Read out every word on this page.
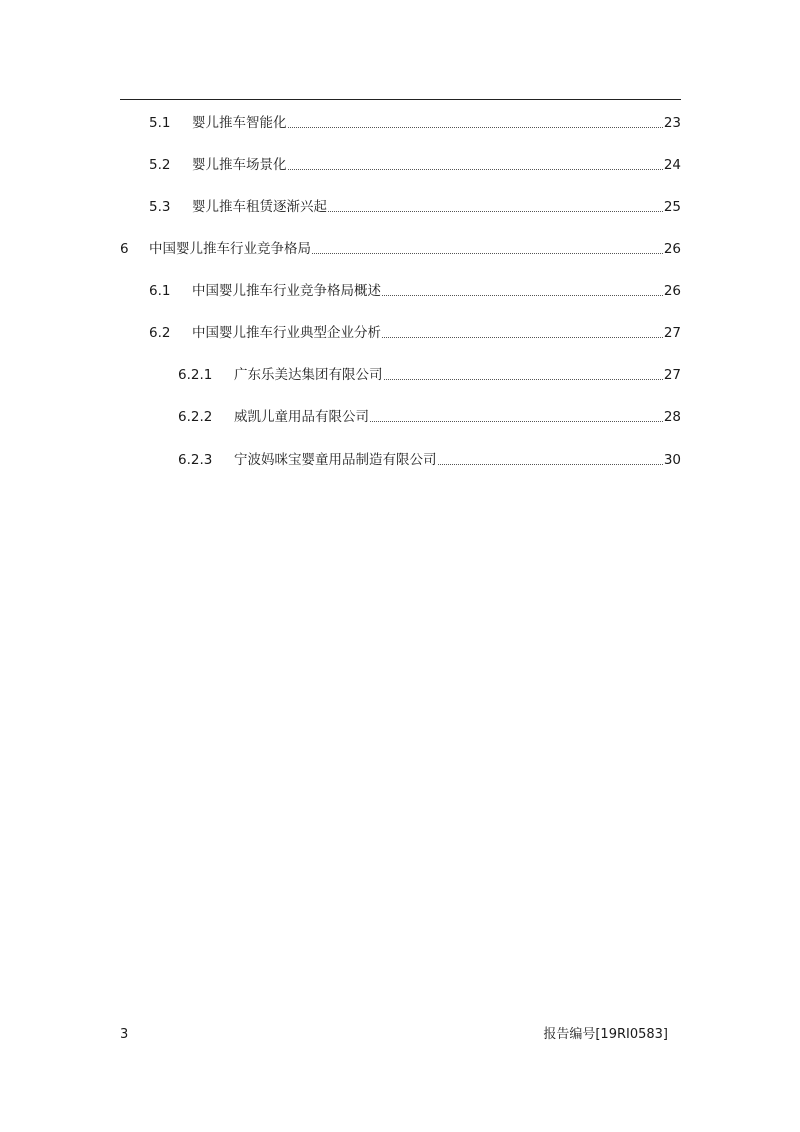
5.1	婴儿推车智能化	23
5.2	婴儿推车场景化	24
5.3	婴儿推车租赁逐渐兴起	25
6	中国婴儿推车行业竞争格局	26
6.1	中国婴儿推车行业竞争格局概述	26
6.2	中国婴儿推车行业典型企业分析	27
6.2.1	广东乐美达集团有限公司	27
6.2.2	威凯儿童用品有限公司	28
6.2.3	宁波妈咪宝婴童用品制造有限公司	30
3	报告编号[19RI0583]
